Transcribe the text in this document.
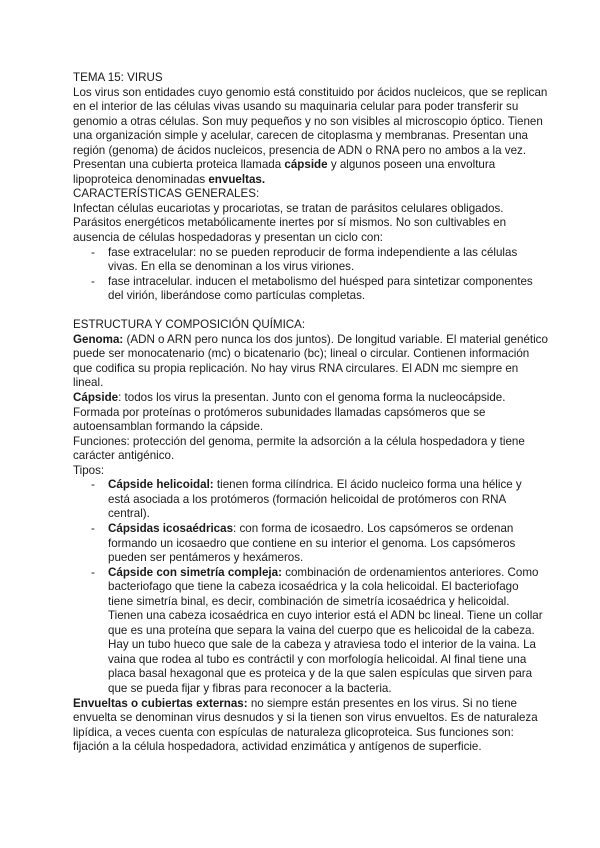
TEMA 15: VIRUS
Los virus son entidades cuyo genomio está constituido por ácidos nucleicos, que se replican
en el interior de las células vivas usando su maquinaria celular para poder transferir su
genomio a otras células. Son muy pequeños y no son visibles al microscopio óptico. Tienen
una organización simple y acelular, carecen de citoplasma y membranas. Presentan una
región (genoma) de ácidos nucleicos, presencia de ADN o RNA pero no ambos a la vez.
Presentan una cubierta proteica llamada cápside y algunos poseen una envoltura
lipoproteica denominadas envueltas.
CARACTERÍSTICAS GENERALES:
Infectan células eucariotas y procariotas, se tratan de parásitos celulares obligados.
Parásitos energéticos metabólicamente inertes por sí mismos. No son cultivables en
ausencia de células hospedadoras y presentan un ciclo con:
- fase extracelular: no se pueden reproducir de forma independiente a las células
vivas. En ella se denominan a los virus viriones.
- fase intracelular. inducen el metabolismo del huésped para sintetizar componentes
del virión, liberándose como partículas completas.
ESTRUCTURA Y COMPOSICIÓN QUÍMICA:
Genoma: (ADN o ARN pero nunca los dos juntos). De longitud variable. El material genético
puede ser monocatenario (mc) o bicatenario (bc); lineal o circular. Contienen información
que codifica su propia replicación. No hay virus RNA circulares. El ADN mc siempre en
lineal.
Cápside: todos los virus la presentan. Junto con el genoma forma la nucleocápside.
Formada por proteínas o protómeros subunidades llamadas capsómeros que se
autoensamblan formando la cápside.
Funciones: protección del genoma, permite la adsorción a la célula hospedadora y tiene
carácter antigénico.
Tipos:
- Cápside helicoidal: tienen forma cilíndrica. El ácido nucleico forma una hélice y
está asociada a los protómeros (formación helicoidal de protómeros con RNA
central).
- Cápsidas icosaédricas: con forma de icosaedro. Los capsómeros se ordenan
formando un icosaedro que contiene en su interior el genoma. Los capsómeros
pueden ser pentámeros y hexámeros.
- Cápside con simetría compleja: combinación de ordenamientos anteriores. Como
bacteriofago que tiene la cabeza icosaédrica y la cola helicoidal. El bacteriofago
tiene simetría binal, es decir, combinación de simetría icosaédrica y helicoidal.
Tienen una cabeza icosaédrica en cuyo interior está el ADN bc lineal. Tiene un collar
que es una proteína que separa la vaina del cuerpo que es helicoidal de la cabeza.
Hay un tubo hueco que sale de la cabeza y atraviesa todo el interior de la vaina. La
vaina que rodea al tubo es contráctil y con morfología helicoidal. Al final tiene una
placa basal hexagonal que es proteica y de la que salen espículas que sirven para
que se pueda fijar y fibras para reconocer a la bacteria.
Envueltas o cubiertas externas: no siempre están presentes en los virus. Si no tiene
envuelta se denominan virus desnudos y si la tienen son virus envueltos. Es de naturaleza
lipídica, a veces cuenta con espículas de naturaleza glicoproteica. Sus funciones son:
fijación a la célula hospedadora, actividad enzimática y antígenos de superficie.
